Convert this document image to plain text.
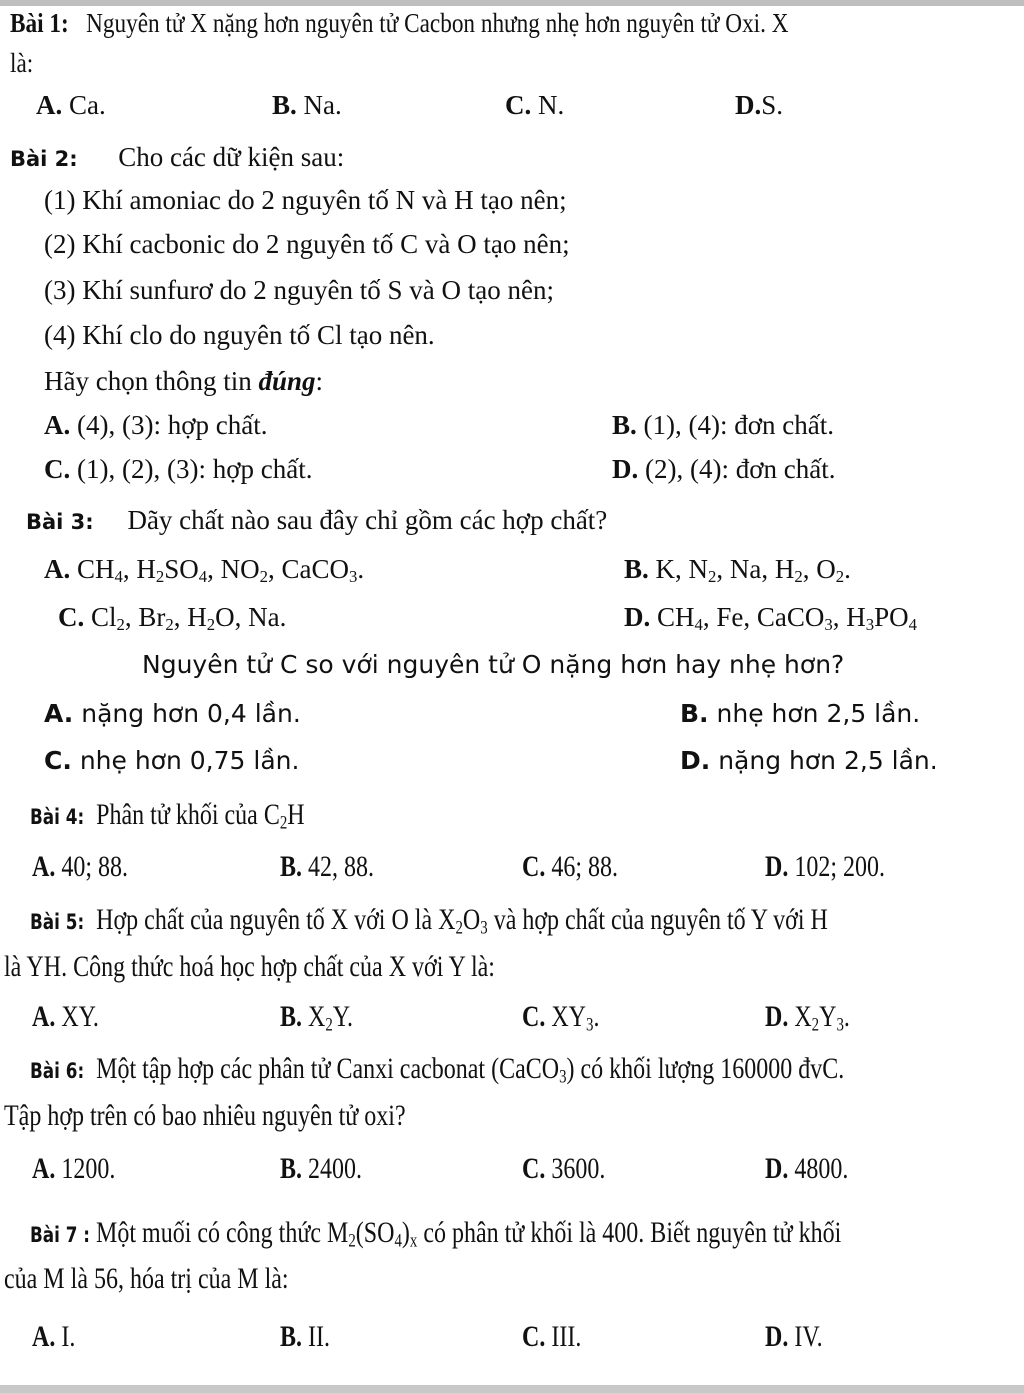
Bài 1: Nguyên tử X nặng hơn nguyên tử Cacbon nhưng nhẹ hơn nguyên tử Oxi. X
là:
A. Ca.	B. Na.	C. N.	D.S.
Bài 2: Cho các dữ kiện sau:
(1) Khí amoniac do 2 nguyên tố N và H tạo nên;
(2) Khí cacbonic do 2 nguyên tố C và O tạo nên;
(3) Khí sunfurơ do 2 nguyên tố S và O tạo nên;
(4) Khí clo do nguyên tố Cl tạo nên.
Hãy chọn thông tin đúng:
A. (4), (3): hợp chất.	B. (1), (4): đơn chất.
C. (1), (2), (3): hợp chất.	D. (2), (4): đơn chất.
Bài 3: Dãy chất nào sau đây chỉ gồm các hợp chất?
A. $CH_4$, $H_2SO_4$, $NO_2$, CaCO$_3$.	B. K, $N_2$, Na, $H_2$, $O_2$.
C. $Cl_2$, $Br_2$, $H_2O$, Na.	D. $CH_4$, Fe, CaCO$_3$, $H_3PO_4$
Nguyên tử C so với nguyên tử O nặng hơn hay nhẹ hơn?
A. nặng hơn 0,4 lần.	B. nhẹ hơn 2,5 lần.
C. nhẹ hơn 0,75 lần.	D. nặng hơn 2,5 lần.
Bài 4: Phân tử khối của $C_2H$
A. 40; 88.	B. 42, 88.	C. 46; 88.	D. 102; 200.
Bài 5: Hợp chất của nguyên tố X với O là $X_2O_3$ và hợp chất của nguyên tố Y với H
là YH. Công thức hoá học hợp chất của X với Y là:
A. XY.	B. $X_2Y$.	C. $XY_3$.	D. $X_2Y_3$.
Bài 6: Một tập hợp các phân tử Canxi cacbonat (CaCO$_3$) có khối lượng 160000 đvC.
Tập hợp trên có bao nhiêu nguyên tử oxi?
A. 1200.	B. 2400.	C. 3600.	D. 4800.
Bài 7 : Một muối có công thức $M_2(SO_4)_x$ có phân tử khối là 400. Biết nguyên tử khối
của M là 56, hóa trị của M là:
A. I.	B. II.	C. III.	D. IV.
